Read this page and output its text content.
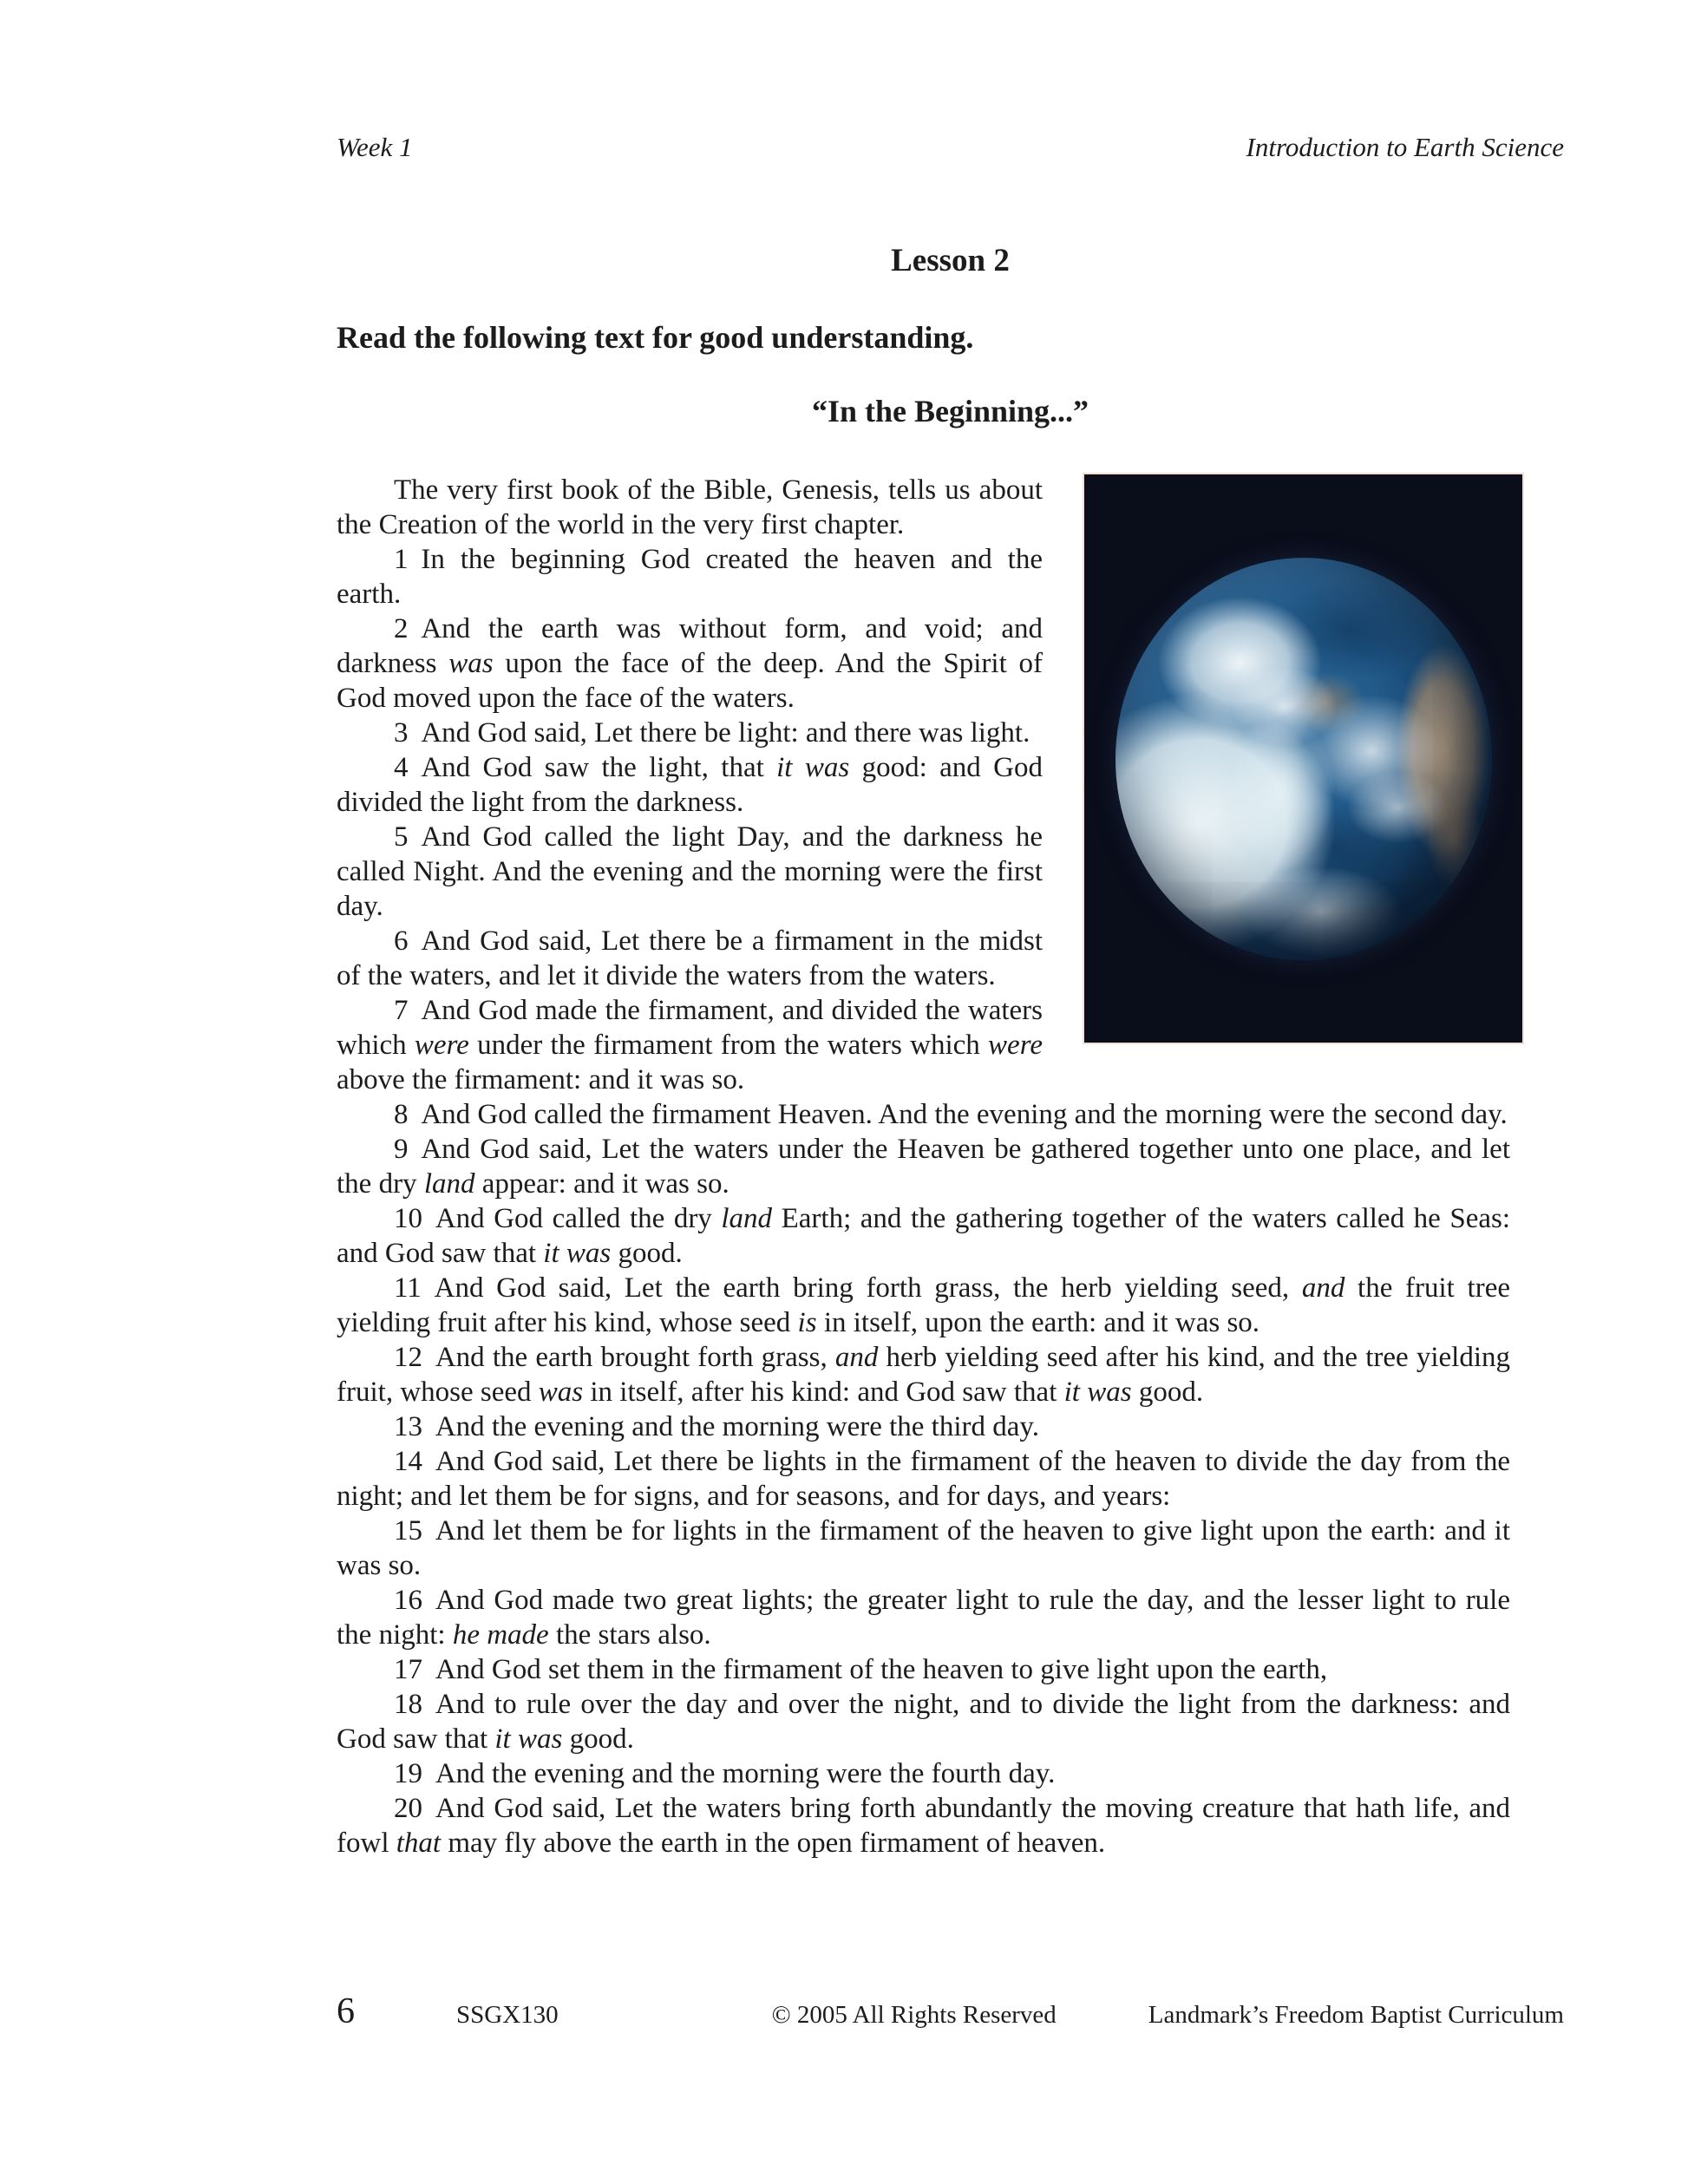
Week 1	Introduction to Earth Science
Lesson 2
Read the following text for good understanding.
“In the Beginning...”

The very first book of the Bible, Genesis, tells us about the Creation of the world in the very first chapter.

1 In the beginning God created the heaven and the earth.

2 And the earth was without form, and void; and darkness was upon the face of the deep. And the Spirit of God moved upon the face of the waters.

3 And God said, Let there be light: and there was light.

4 And God saw the light, that it was good: and God divided the light from the darkness.

5 And God called the light Day, and the darkness he called Night. And the evening and the morning were the first day.

6 And God said, Let there be a firmament in the midst of the waters, and let it divide the waters from the waters.

7 And God made the firmament, and divided the waters which were under the firmament from the waters which were above the firmament: and it was so.

8 And God called the firmament Heaven. And the evening and the morning were the second day.

9 And God said, Let the waters under the Heaven be gathered together unto one place, and let the dry land appear: and it was so.

10 And God called the dry land Earth; and the gathering together of the waters called he Seas: and God saw that it was good.

11 And God said, Let the earth bring forth grass, the herb yielding seed, and the fruit tree yielding fruit after his kind, whose seed is in itself, upon the earth: and it was so.

12 And the earth brought forth grass, and herb yielding seed after his kind, and the tree yielding fruit, whose seed was in itself, after his kind: and God saw that it was good.

13 And the evening and the morning were the third day.

14 And God said, Let there be lights in the firmament of the heaven to divide the day from the night; and let them be for signs, and for seasons, and for days, and years:

15 And let them be for lights in the firmament of the heaven to give light upon the earth: and it was so.

16 And God made two great lights; the greater light to rule the day, and the lesser light to rule the night: he made the stars also.

17 And God set them in the firmament of the heaven to give light upon the earth,

18 And to rule over the day and over the night, and to divide the light from the darkness: and God saw that it was good.

19 And the evening and the morning were the fourth day.

20 And God said, Let the waters bring forth abundantly the moving creature that hath life, and fowl that may fly above the earth in the open firmament of heaven.

6	SSGX130	© 2005 All Rights Reserved	Landmark’s Freedom Baptist Curriculum
